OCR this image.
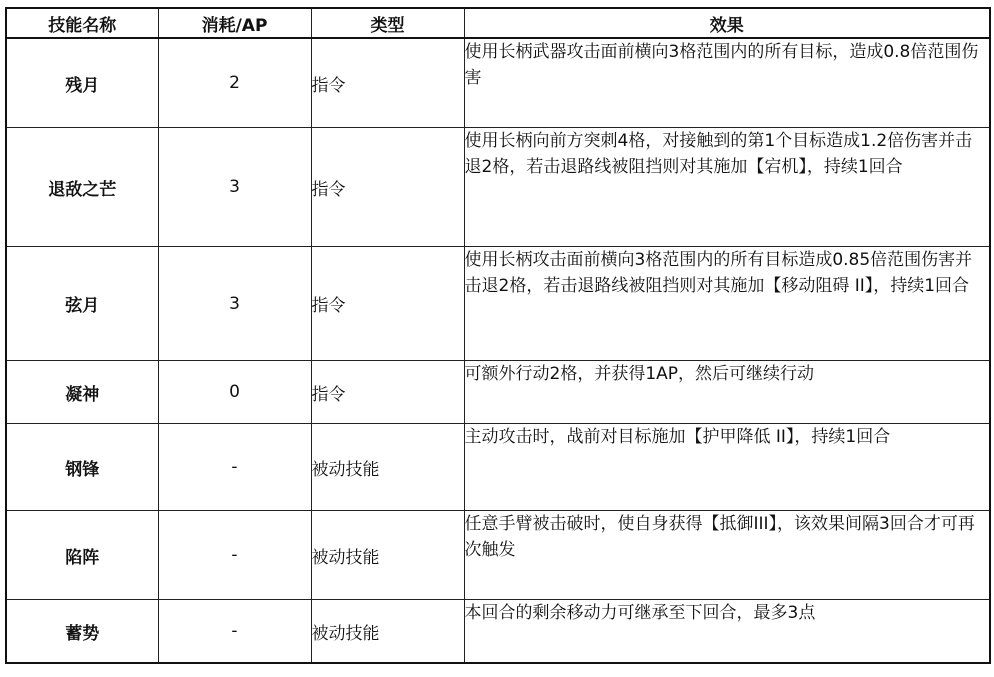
技能名称	消耗/AP	类型	效果
残月	2	指令	使用长柄武器攻击面前横向3格范围内的所有目标，造成0.8倍范围伤害
退敌之芒	3	指令	使用长柄向前方突刺4格，对接触到的第1个目标造成1.2倍伤害并击退2格，若击退路线被阻挡则对其施加【宕机】，持续1回合
弦月	3	指令	使用长柄攻击面前横向3格范围内的所有目标造成0.85倍范围伤害并击退2格，若击退路线被阻挡则对其施加【移动阻碍 II】，持续1回合
凝神	0	指令	可额外行动2格，并获得1AP，然后可继续行动
钢锋	-	被动技能	主动攻击时，战前对目标施加【护甲降低 II】，持续1回合
陷阵	-	被动技能	任意手臂被击破时，使自身获得【抵御III】，该效果间隔3回合才可再次触发
蓄势	-	被动技能	本回合的剩余移动力可继承至下回合，最多3点
